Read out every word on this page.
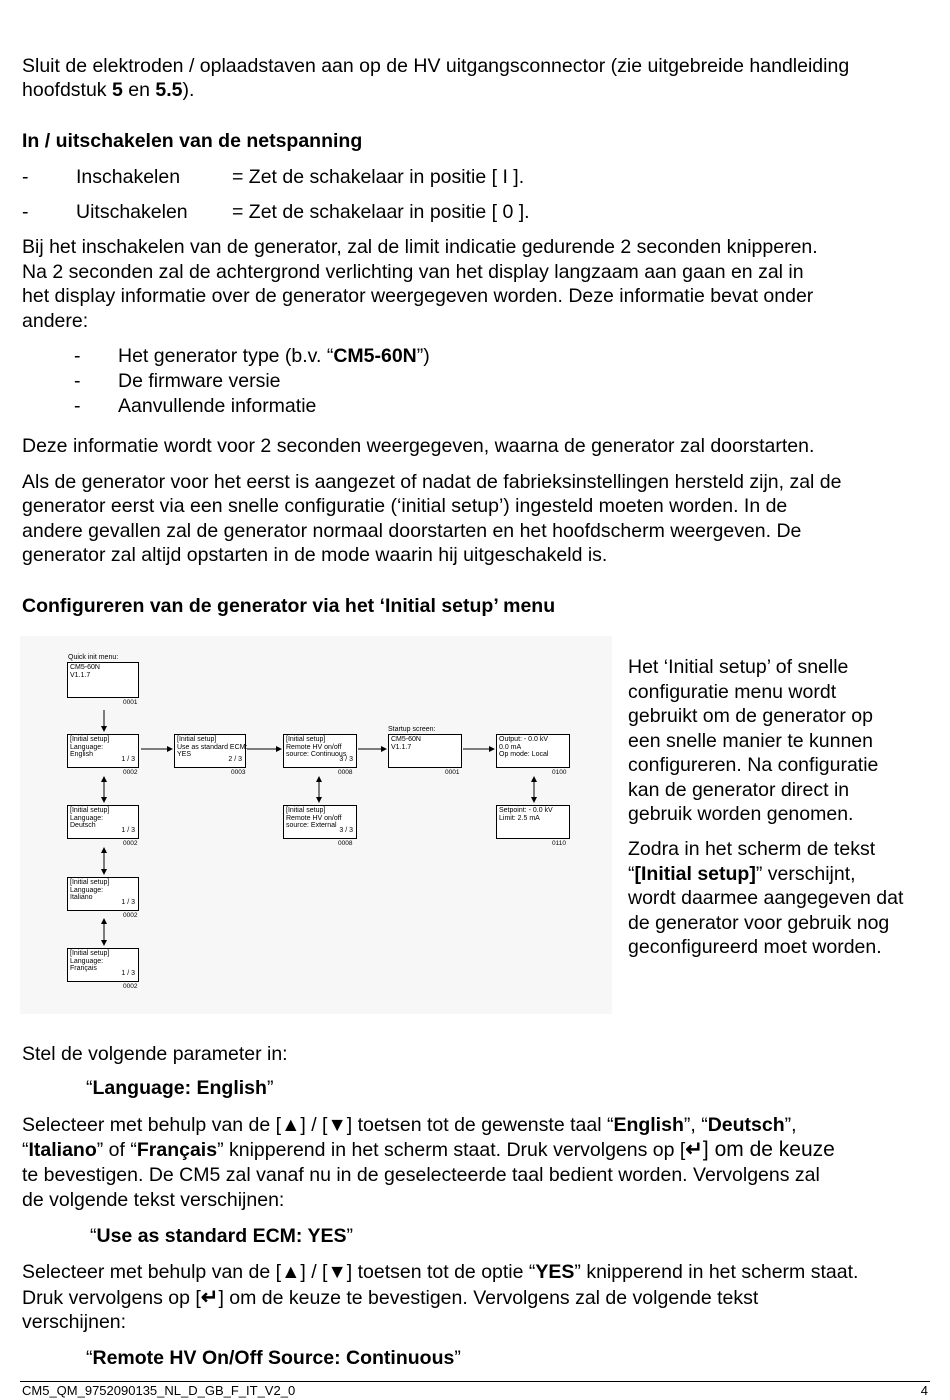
Sluit de elektroden / oplaadstaven aan op de HV uitgangsconnector (zie uitgebreide handleiding
hoofdstuk 5 en 5.5).
In / uitschakelen van de netspanning
- Inschakelen	= Zet de schakelaar in positie [ I ].
- Uitschakelen = Zet de schakelaar in positie [ 0 ].
Bij het inschakelen van de generator, zal de limit indicatie gedurende 2 seconden knipperen.
Na 2 seconden zal de achtergrond verlichting van het display langzaam aan gaan en zal in
het display informatie over de generator weergegeven worden. Deze informatie bevat onder
andere:
- Het generator type (b.v. “CM5-60N”)
- De firmware versie
- Aanvullende informatie
Deze informatie wordt voor 2 seconden weergegeven, waarna de generator zal doorstarten.
Als de generator voor het eerst is aangezet of nadat de fabrieksinstellingen hersteld zijn, zal de
generator eerst via een snelle configuratie (‘initial setup’) ingesteld moeten worden. In de
andere gevallen zal de generator normaal doorstarten en het hoofdscherm weergeven. De
generator zal altijd opstarten in de mode waarin hij uitgeschakeld is.
Configureren van de generator via het ‘Initial setup’ menu
Quick init menu:
Startup screen:
CM5-60N
V1.1.7
0001
[Initial setup]
Language:
English
1 / 3
0002
[Initial setup]
Language:
Deutsch
1 / 3
0002
[Initial setup]
Language:
Italiano
1 / 3
0002
[Initial setup]
Language:
Français
1 / 3
0002
[Initial setup]
Use as standard ECM:
YES
2 / 3
0003
[Initial setup]
Remote HV on/off
source: Continuous
3 / 3
0008
[Initial setup]
Remote HV on/off
source: External
3 / 3
0008
CM5-60N
V1.1.7
0001
Output: - 0.0 kV
0.0 mA
Op mode: Local
0100
Setpoint: - 0.0 kV
Limit: 2.5 mA
0110
Het ‘Initial setup’ of snelle
configuratie menu wordt
gebruikt om de generator op
een snelle manier te kunnen
configureren. Na configuratie
kan de generator direct in
gebruik worden genomen.
Zodra in het scherm de tekst
“[Initial setup]” verschijnt,
wordt daarmee aangegeven dat
de generator voor gebruik nog
geconfigureerd moet worden.
Stel de volgende parameter in:
“Language: English”
Selecteer met behulp van de [▲] / [▼] toetsen tot de gewenste taal “English”, “Deutsch”,
“Italiano” of “Français” knipperend in het scherm staat. Druk vervolgens op [↵] om de keuze
te bevestigen. De CM5 zal vanaf nu in de geselecteerde taal bedient worden. Vervolgens zal
de volgende tekst verschijnen:
“Use as standard ECM: YES”
Selecteer met behulp van de [▲] / [▼] toetsen tot de optie “YES” knipperend in het scherm staat.
Druk vervolgens op [↵] om de keuze te bevestigen. Vervolgens zal de volgende tekst
verschijnen:
“Remote HV On/Off Source: Continuous”
CM5_QM_9752090135_NL_D_GB_F_IT_V2_0	4
